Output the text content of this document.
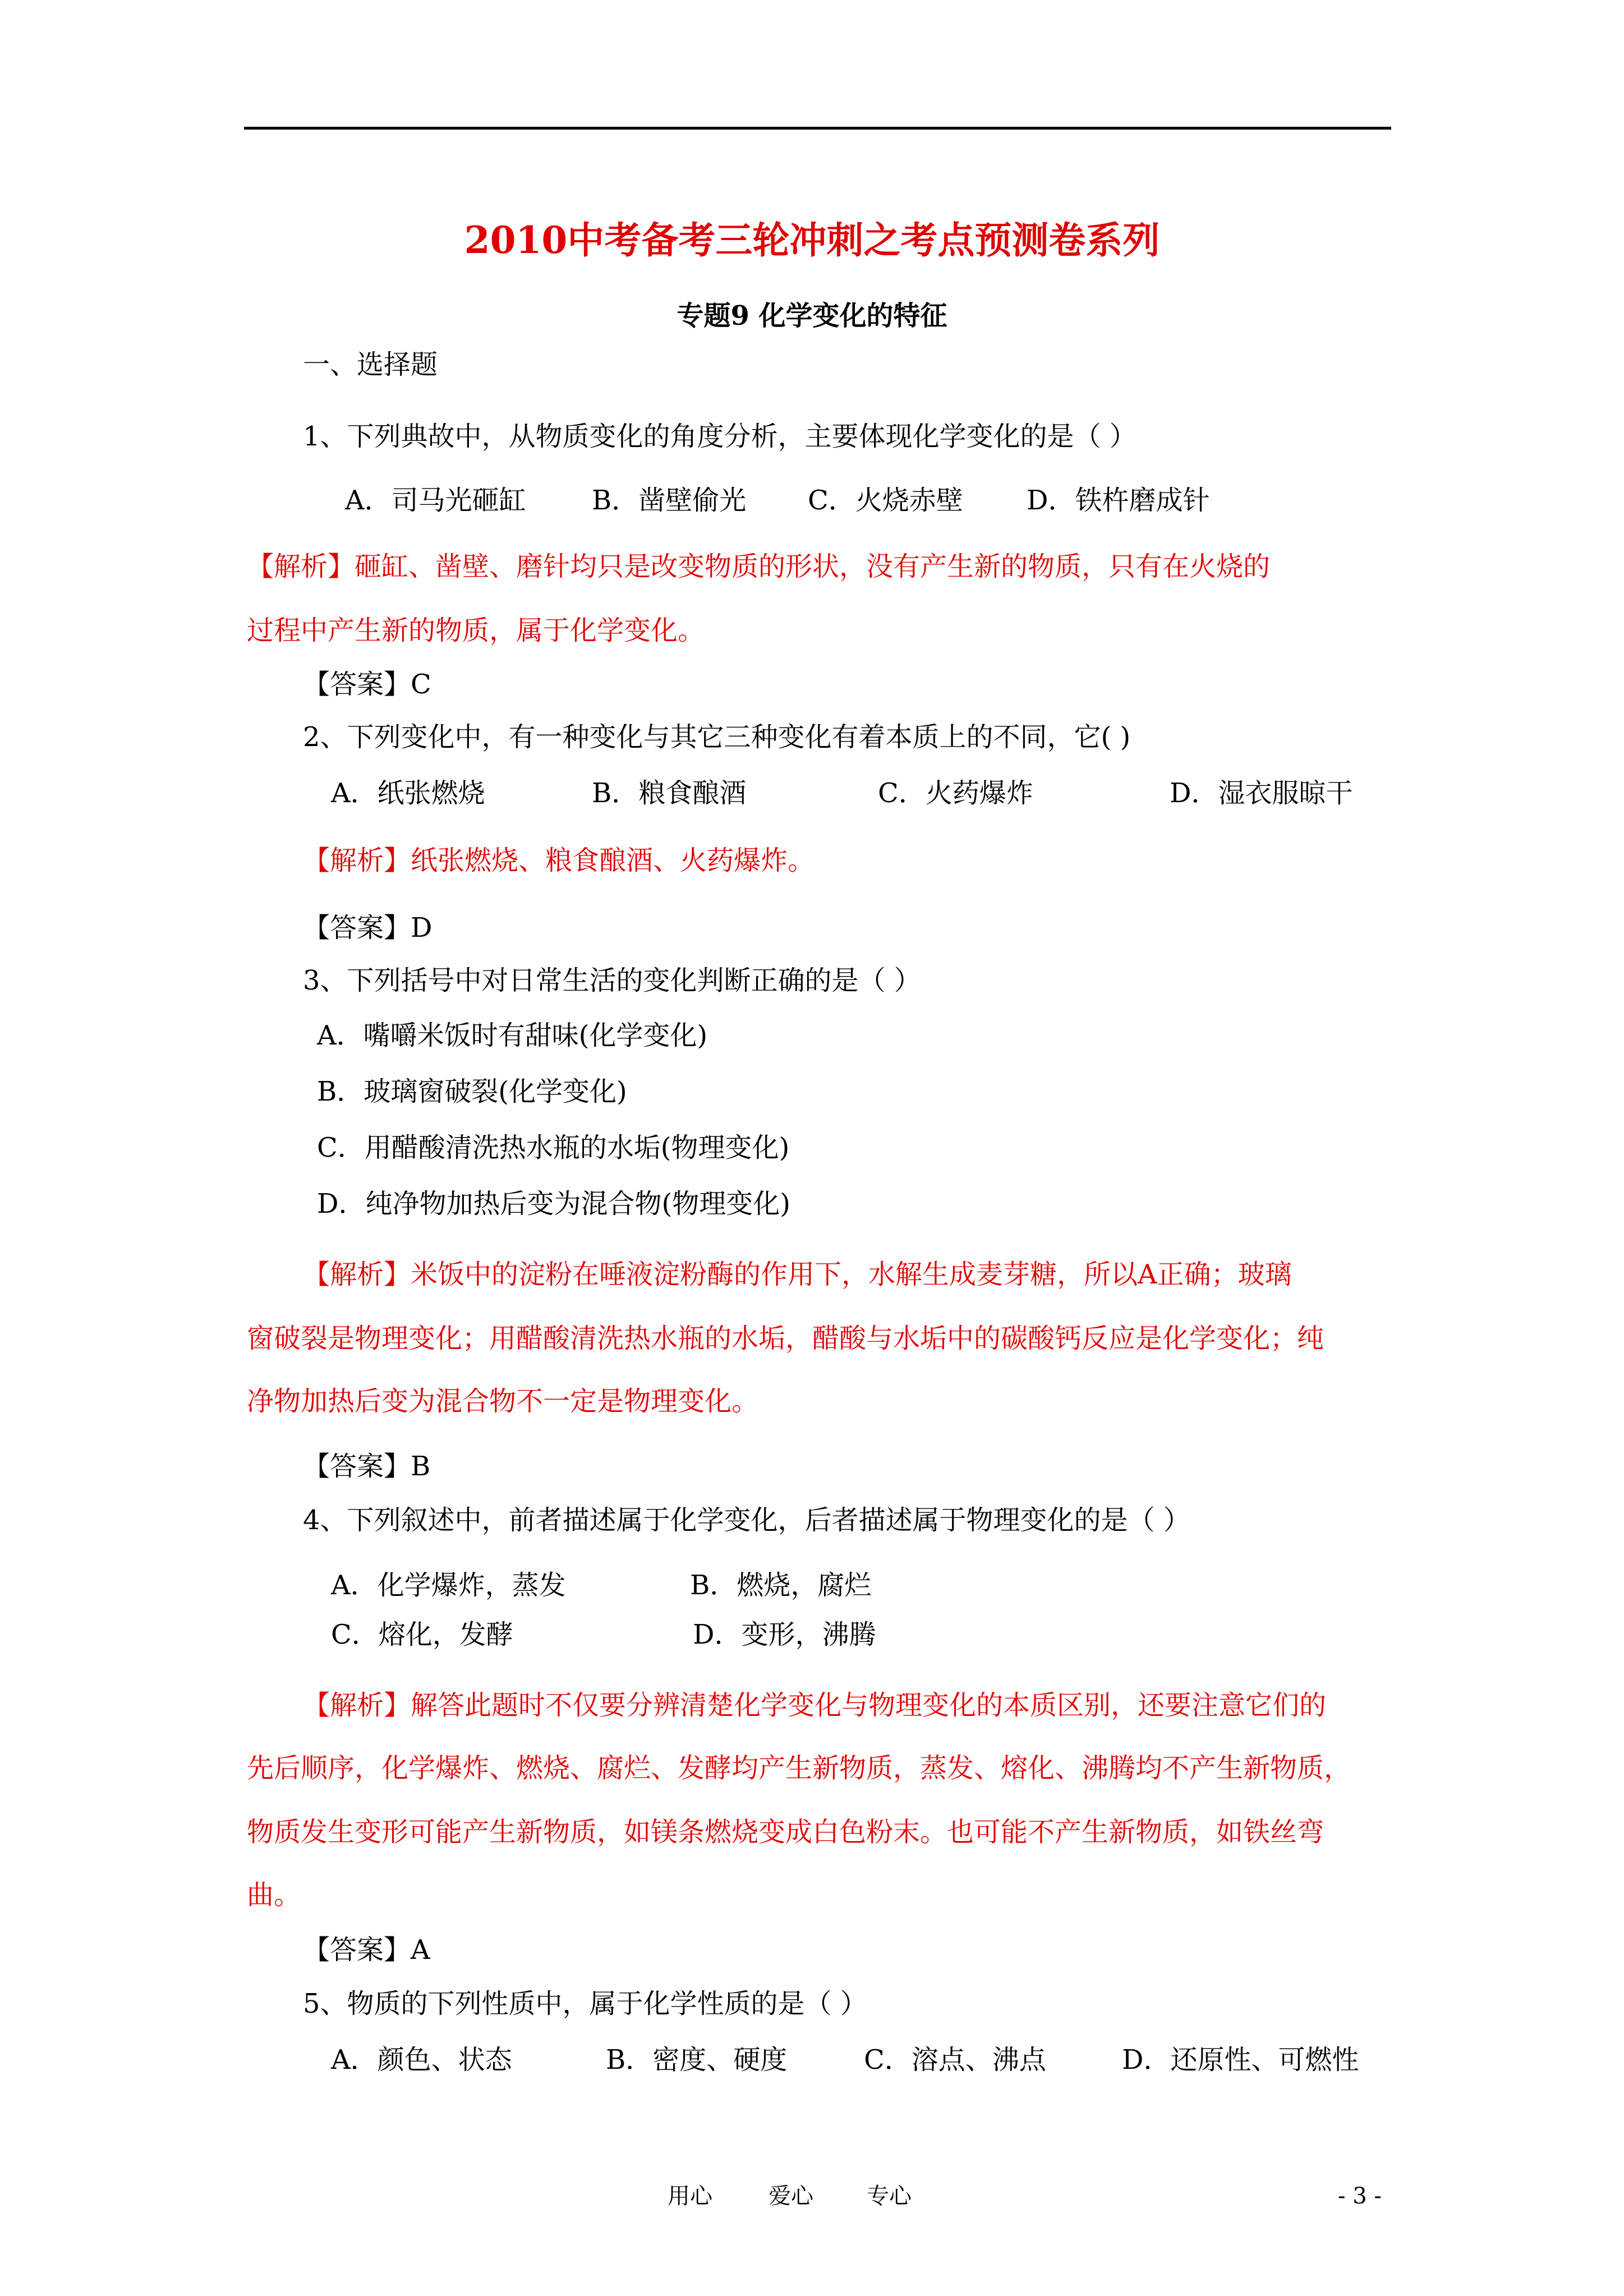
2010中考备考三轮冲刺之考点预测卷系列
专题9 化学变化的特征
一、选择题
1、下列典故中，从物质变化的角度分析，主要体现化学变化的是（ ）
A．司马光砸缸 B．凿壁偷光 C．火烧赤壁 D．铁杵磨成针
【解析】砸缸、凿壁、磨针均只是改变物质的形状，没有产生新的物质，只有在火烧的
过程中产生新的物质，属于化学变化。
【答案】C
2、下列变化中，有一种变化与其它三种变化有着本质上的不同，它( )
A．纸张燃烧	B．粮食酿酒	C．火药爆炸	D．湿衣服晾干
【解析】纸张燃烧、粮食酿酒、火药爆炸。
【答案】D
3、下列括号中对日常生活的变化判断正确的是（ ）
A．嘴嚼米饭时有甜味(化学变化)
B．玻璃窗破裂(化学变化)
C．用醋酸清洗热水瓶的水垢(物理变化)
D．纯净物加热后变为混合物(物理变化)
【解析】米饭中的淀粉在唾液淀粉酶的作用下，水解生成麦芽糖，所以A正确；玻璃
窗破裂是物理变化；用醋酸清洗热水瓶的水垢，醋酸与水垢中的碳酸钙反应是化学变化；纯
净物加热后变为混合物不一定是物理变化。
【答案】B
4、下列叙述中，前者描述属于化学变化，后者描述属于物理变化的是（ ）
A．化学爆炸，蒸发	B．燃烧，腐烂
C．熔化，发酵	D．变形，沸腾
【解析】解答此题时不仅要分辨清楚化学变化与物理变化的本质区别，还要注意它们的
先后顺序，化学爆炸、燃烧、腐烂、发酵均产生新物质，蒸发、熔化、沸腾均不产生新物质，
物质发生变形可能产生新物质，如镁条燃烧变成白色粉末。也可能不产生新物质，如铁丝弯
曲。
【答案】A
5、物质的下列性质中，属于化学性质的是（ ）
A．颜色、状态	B．密度、硬度	C．溶点、沸点	D．还原性、可燃性
用心	爱心 专心	- 3 -
